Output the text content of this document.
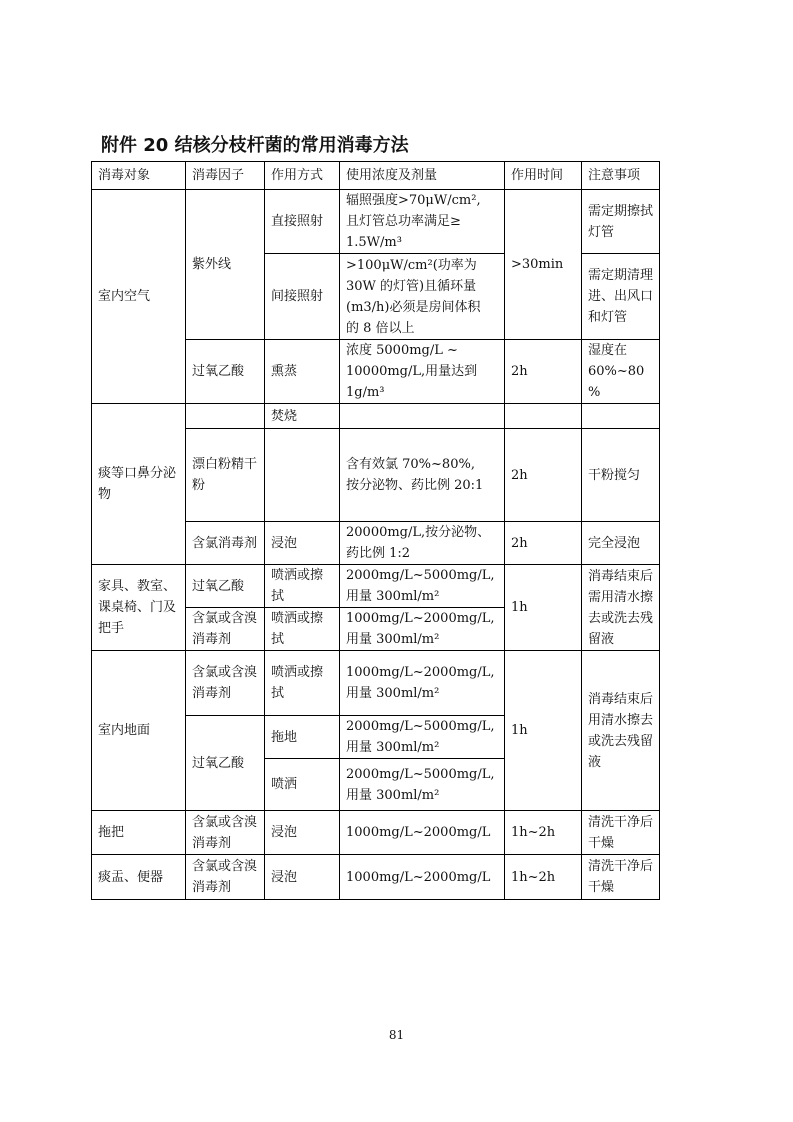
附件 20 结核分枝杆菌的常用消毒方法
消毒对象	消毒因子	作用方式	使用浓度及剂量	作用时间	注意事项
室内空气	紫外线	直接照射	辐照强度>70μW/cm²,
且灯管总功率满足≥
1.5W/m³	>30min	需定期擦拭灯管
		间接照射	>100μW/cm²(功率为
30W 的灯管)且循环量
(m3/h)必须是房间体积
的 8 倍以上		需定期清理进、出风口和灯管
	过氧乙酸	熏蒸	浓度 5000mg/L ~
10000mg/L,用量达到
1g/m³	2h	湿度在 60%~80%
痰等口鼻分泌物		焚烧			
	漂白粉精干粉		含有效氯 70%~80%,
按分泌物、药比例 20:1	2h	干粉搅匀
	含氯消毒剂	浸泡	20000mg/L,按分泌物、
药比例 1:2	2h	完全浸泡
家具、教室、课桌椅、门及把手	过氧乙酸	喷洒或擦拭	2000mg/L~5000mg/L,
用量 300ml/m²	1h	消毒结束后需用清水擦去或洗去残留液
	含氯或含溴消毒剂	喷洒或擦拭	1000mg/L~2000mg/L,
用量 300ml/m²		

室内地面	含氯或含溴消毒剂	喷洒或擦拭	1000mg/L~2000mg/L,
用量 300ml/m²	1h	消毒结束后用清水擦去或洗去残留液
	过氧乙酸	拖地	2000mg/L~5000mg/L,
用量 300ml/m²		

		喷洒	2000mg/L~5000mg/L,
用量 300ml/m²		

拖把	含氯或含溴消毒剂	浸泡	1000mg/L~2000mg/L	1h~2h	清洗干净后干燥
痰盂、便器	含氯或含溴消毒剂	浸泡	1000mg/L~2000mg/L	1h~2h	清洗干净后干燥
81
